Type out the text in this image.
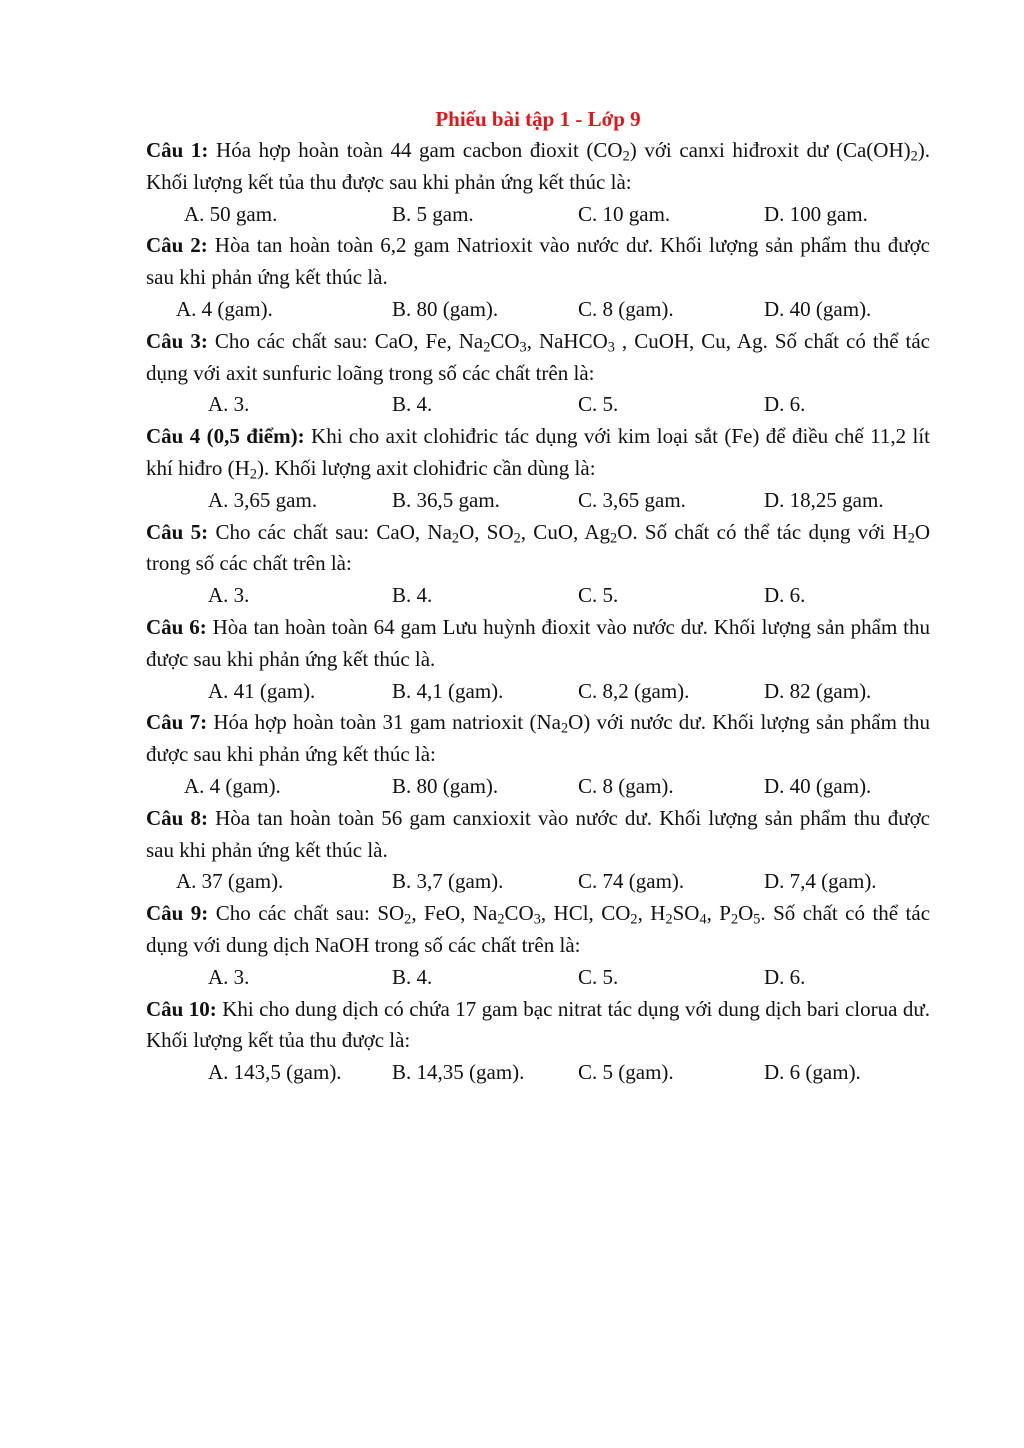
Phiếu bài tập 1 - Lớp 9
Câu 1: Hóa hợp hoàn toàn 44 gam cacbon đioxit $(CO_2)$ với canxi hiđroxit dư $(Ca(OH)_2)$. Khối lượng kết tủa thu được sau khi phản ứng kết thúc là:
A. 50 gam.	B. 5 gam.	C. 10 gam.	D. 100 gam.
Câu 2: Hòa tan hoàn toàn 6,2 gam Natrioxit vào nước dư. Khối lượng sản phẩm thu được sau khi phản ứng kết thúc là.
A. 4 (gam).	B. 80 (gam).	C. 8 (gam).	D. 40 (gam).
Câu 3: Cho các chất sau: CaO, Fe, $Na_2CO_3$, NaHCO$_3$ , CuOH, Cu, Ag. Số chất có thể tác dụng với axit sunfuric loãng trong số các chất trên là:
A. 3.	B. 4.	C. 5.	D. 6.
Câu 4 (0,5 điểm): Khi cho axit clohiđric tác dụng với kim loại sắt (Fe) để điều chế 11,2 lít khí hiđro $(H_2)$. Khối lượng axit clohiđric cần dùng là:
A. 3,65 gam.	B. 36,5 gam.	C. 3,65 gam.	D. 18,25 gam.
Câu 5: Cho các chất sau: CaO, $Na_2O$, $SO_2$, CuO, $Ag_2O$. Số chất có thể tác dụng với $H_2O$ trong số các chất trên là:
A. 3.	B. 4.	C. 5.	D. 6.
Câu 6: Hòa tan hoàn toàn 64 gam Lưu huỳnh đioxit vào nước dư. Khối lượng sản phẩm thu được sau khi phản ứng kết thúc là.
A. 41 (gam).	B. 4,1 (gam).	C. 8,2 (gam).	D. 82 (gam).
Câu 7: Hóa hợp hoàn toàn 31 gam natrioxit $(Na_2O)$ với nước dư. Khối lượng sản phẩm thu được sau khi phản ứng kết thúc là:
A. 4 (gam).	B. 80 (gam).	C. 8 (gam).	D. 40 (gam).
Câu 8: Hòa tan hoàn toàn 56 gam canxioxit vào nước dư. Khối lượng sản phẩm thu được sau khi phản ứng kết thúc là.
A. 37 (gam).	B. 3,7 (gam).	C. 74 (gam).	D. 7,4 (gam).
Câu 9: Cho các chất sau: $SO_2$, FeO, $Na_2CO_3$, HCl, $CO_2$, $H_2SO_4$, $P_2O_5$. Số chất có thể tác dụng với dung dịch NaOH trong số các chất trên là:
A. 3.	B. 4.	C. 5.	D. 6.
Câu 10: Khi cho dung dịch có chứa 17 gam bạc nitrat tác dụng với dung dịch bari clorua dư. Khối lượng kết tủa thu được là:
A. 143,5 (gam). B. 14,35 (gam).	C. 5 (gam).	D. 6 (gam).
